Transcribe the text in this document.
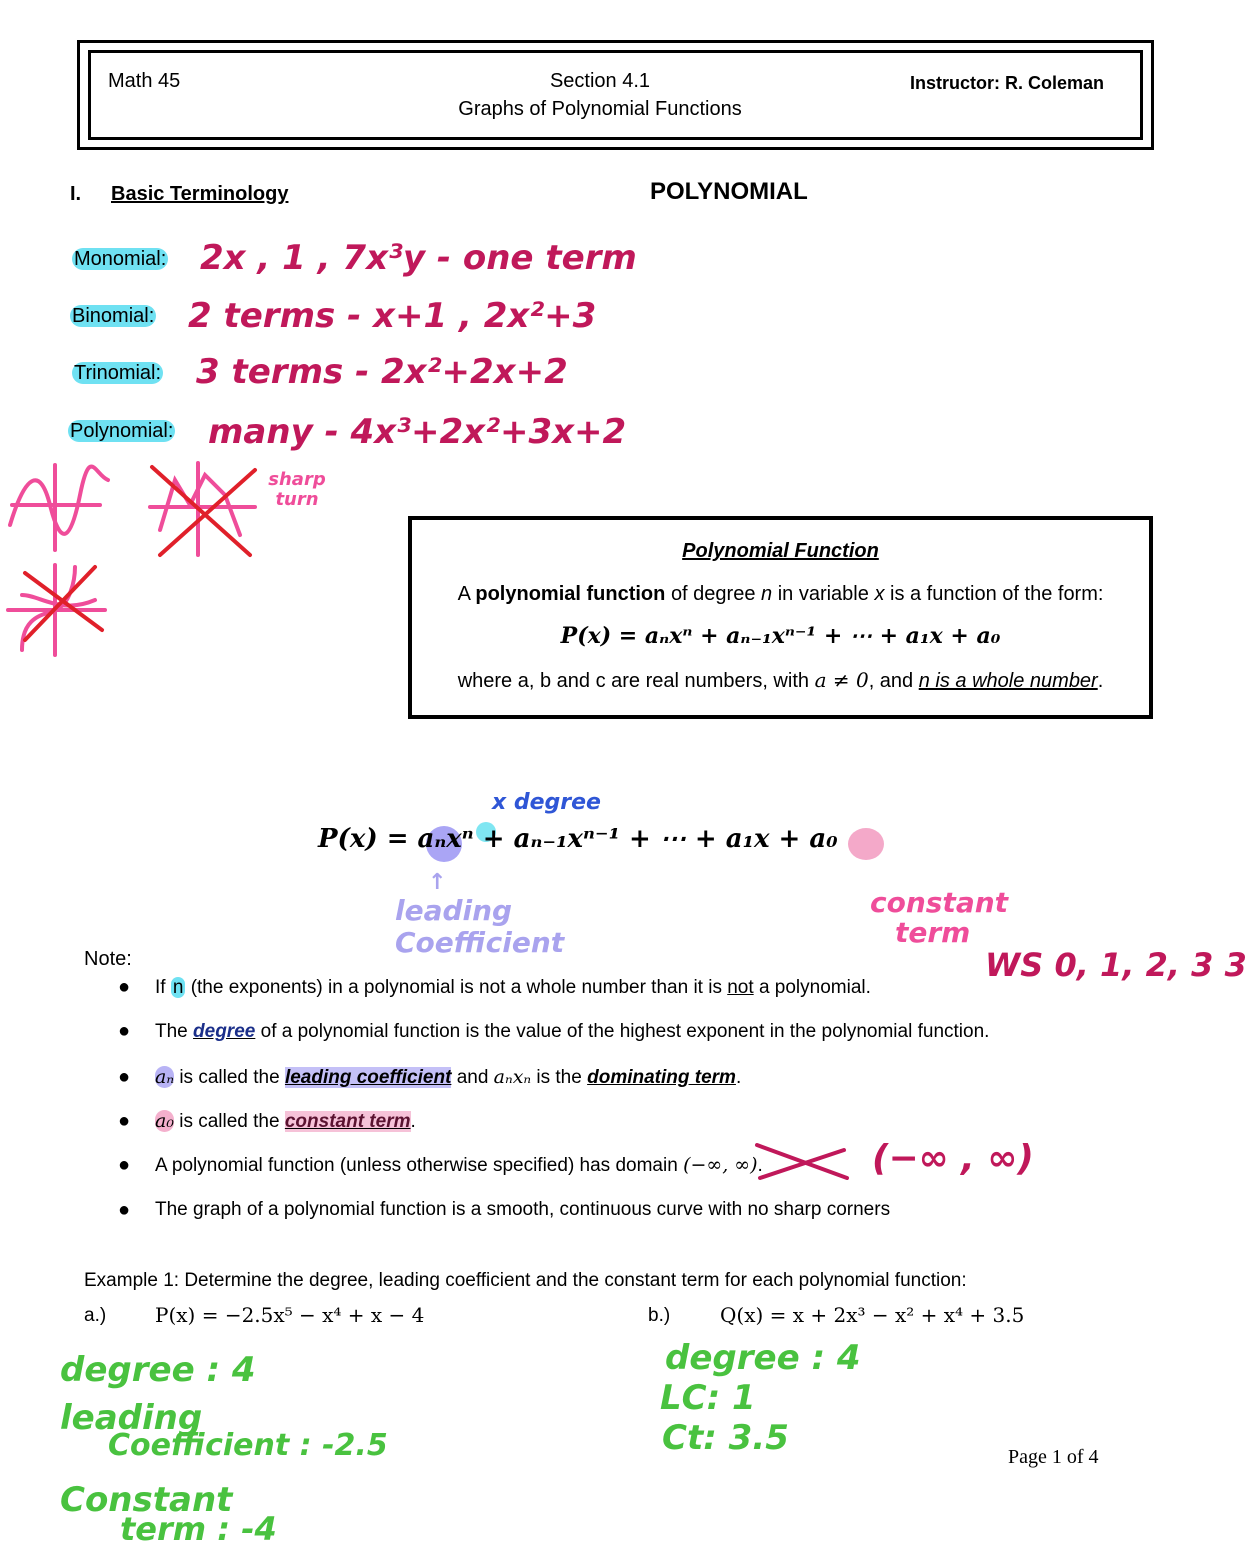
Math 45	Section 4.1
Graphs of Polynomial Functions
Instructor: R. Coleman
I. Basic Terminology	POLYNOMIAL
Monomial: 2x , 1 , 7x³y - one term
Binomial: 2 terms - x+1 , 2x²+3
Trinomial: 3 terms - 2x²+2x+2
Polynomial: many - 4x³+2x²+3x+2
sharp turn
Polynomial Function
A polynomial function of degree n in variable x is a function of the form:
P(x) = aₙxⁿ + aₙ₋₁xⁿ⁻¹ + ⋯ + a₁x + a₀
where a, b and c are real numbers, with a ≠ 0, and n is a whole number.
P(x) = aₙxⁿ + aₙ₋₁xⁿ⁻¹ + ⋯ + a₁x + a₀
x degree
↑
leading
Coefficient
constant
term
Note:	WS 0, 1, 2, 3 3
● If n (the exponents) in a polynomial is not a whole number than it is not a polynomial.
● The degree of a polynomial function is the value of the highest exponent in the polynomial function.
● aₙ is called the leading coefficient and aₙxₙ is the dominating term.
● a₀ is called the constant term.
● A polynomial function (unless otherwise specified) has domain (−∞, ∞).	(−∞ , ∞)
● The graph of a polynomial function is a smooth, continuous curve with no sharp corners
Example 1: Determine the degree, leading coefficient and the constant term for each polynomial function:
a.) P(x) = −2.5x⁵ − x⁴ + x − 4	b.) Q(x) = x + 2x³ − x² + x⁴ + 3.5
degree : 4
leading
Coefficient : -2.5
Constant
term : -4
degree : 4
LC: 1
Ct: 3.5	Page 1 of 4
